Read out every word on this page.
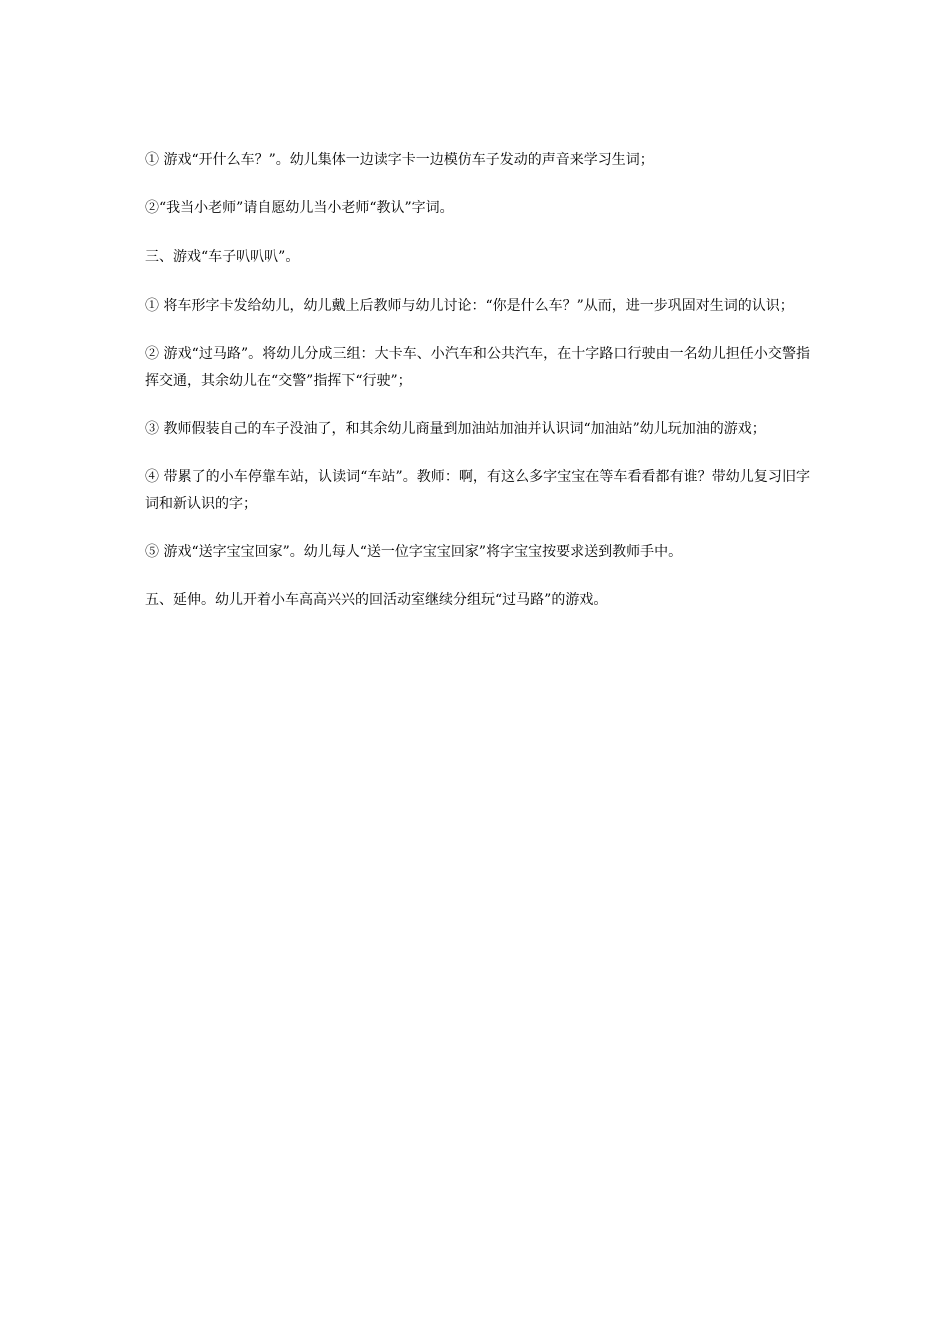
① 游戏“开什么车？”。幼儿集体一边读字卡一边模仿车子发动的声音来学习生词；

②“我当小老师”请自愿幼儿当小老师“教认”字词。

三、游戏“车子叭叭叭”。

① 将车形字卡发给幼儿，幼儿戴上后教师与幼儿讨论：“你是什么车？”从而，进一步巩固对生词的认识；

② 游戏“过马路”。将幼儿分成三组：大卡车、小汽车和公共汽车，在十字路口行驶由一名幼儿担任小交警指挥交通，其余幼儿在“交警”指挥下“行驶”；

③ 教师假装自己的车子没油了，和其余幼儿商量到加油站加油并认识词“加油站”幼儿玩加油的游戏；

④ 带累了的小车停靠车站，认读词“车站”。教师：啊，有这么多字宝宝在等车看看都有谁？带幼儿复习旧字词和新认识的字；

⑤ 游戏“送字宝宝回家”。幼儿每人“送一位字宝宝回家”将字宝宝按要求送到教师手中。

五、延伸。幼儿开着小车高高兴兴的回活动室继续分组玩“过马路”的游戏。
